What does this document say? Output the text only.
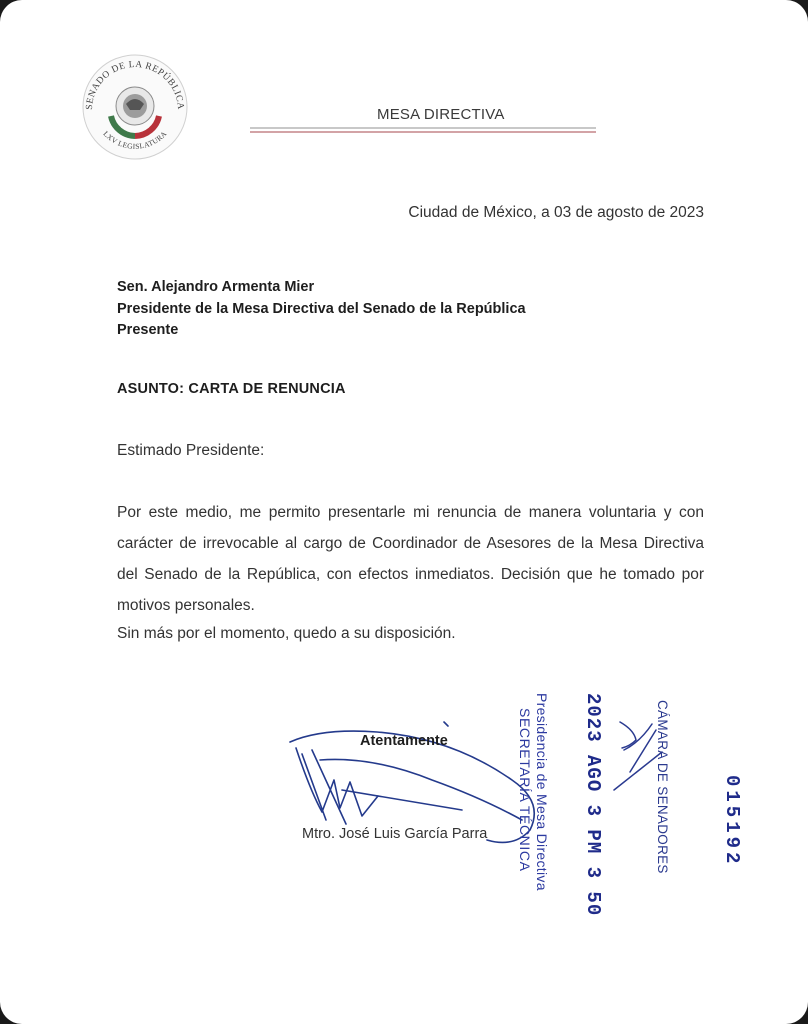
SENADO DE LA REPÚBLICA
LXV LEGISLATURA
MESA DIRECTIVA
Ciudad de México, a 03 de agosto de 2023
Sen. Alejandro Armenta Mier
Presidente de la Mesa Directiva del Senado de la República
Presente
ASUNTO: CARTA DE RENUNCIA
Estimado Presidente:
Por este medio, me permito presentarle mi renuncia de manera voluntaria y con carácter de irrevocable al cargo de Coordinador de Asesores de la Mesa Directiva del Senado de la República, con efectos inmediatos. Decisión que he tomado por motivos personales.
Sin más por el momento, quedo a su disposición.
Atentamente
Mtro. José Luis García Parra	Presidencia de Mesa Directiva
SECRETARÍA TÉCNICA	2023 AGO 3 PM 3 50	CÁMARA DE SENADORES	015192
